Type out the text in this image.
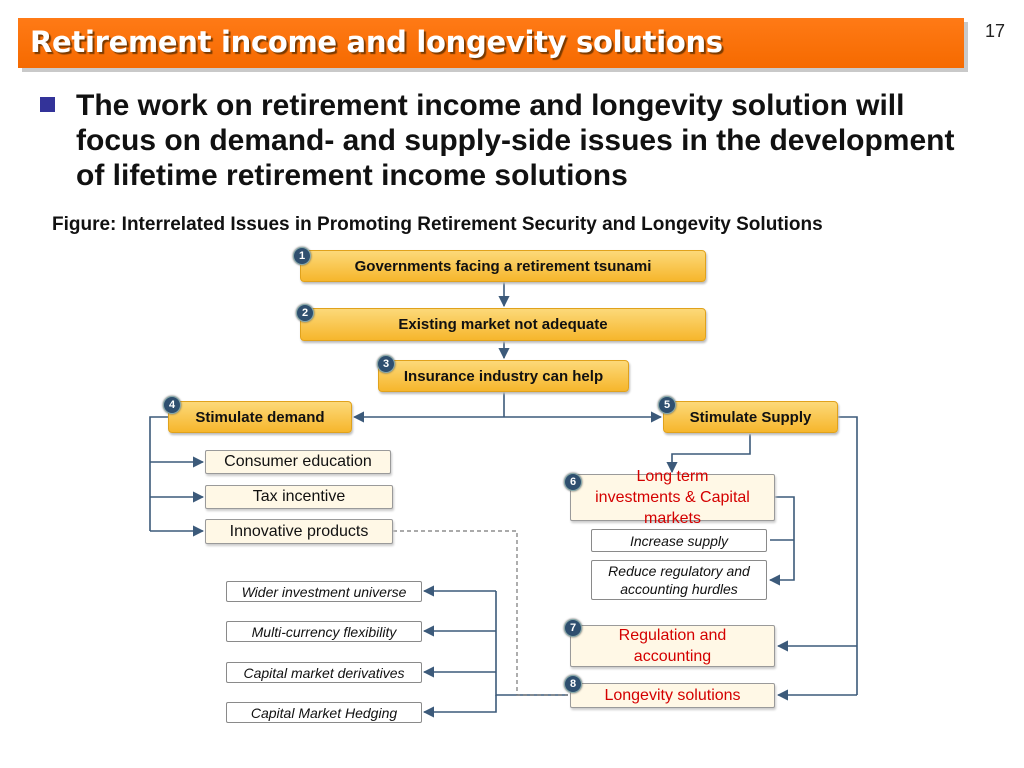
Retirement income and longevity solutions	17
The work on retirement income and longevity solution will focus on demand- and supply-side issues in the development of lifetime retirement income solutions
Figure: Interrelated Issues in Promoting Retirement Security and Longevity Solutions
Governments facing a retirement tsunami
1
Existing market not adequate
2
Insurance industry can help
3
Stimulate demand
4
Stimulate Supply
5
Consumer education
Tax incentive
Innovative products
Long term investments & Capital markets
6
Increase supply
Reduce regulatory and accounting hurdles
Regulation and accounting
7
Longevity solutions
8
Wider investment universe
Multi-currency flexibility
Capital market derivatives
Capital Market Hedging
